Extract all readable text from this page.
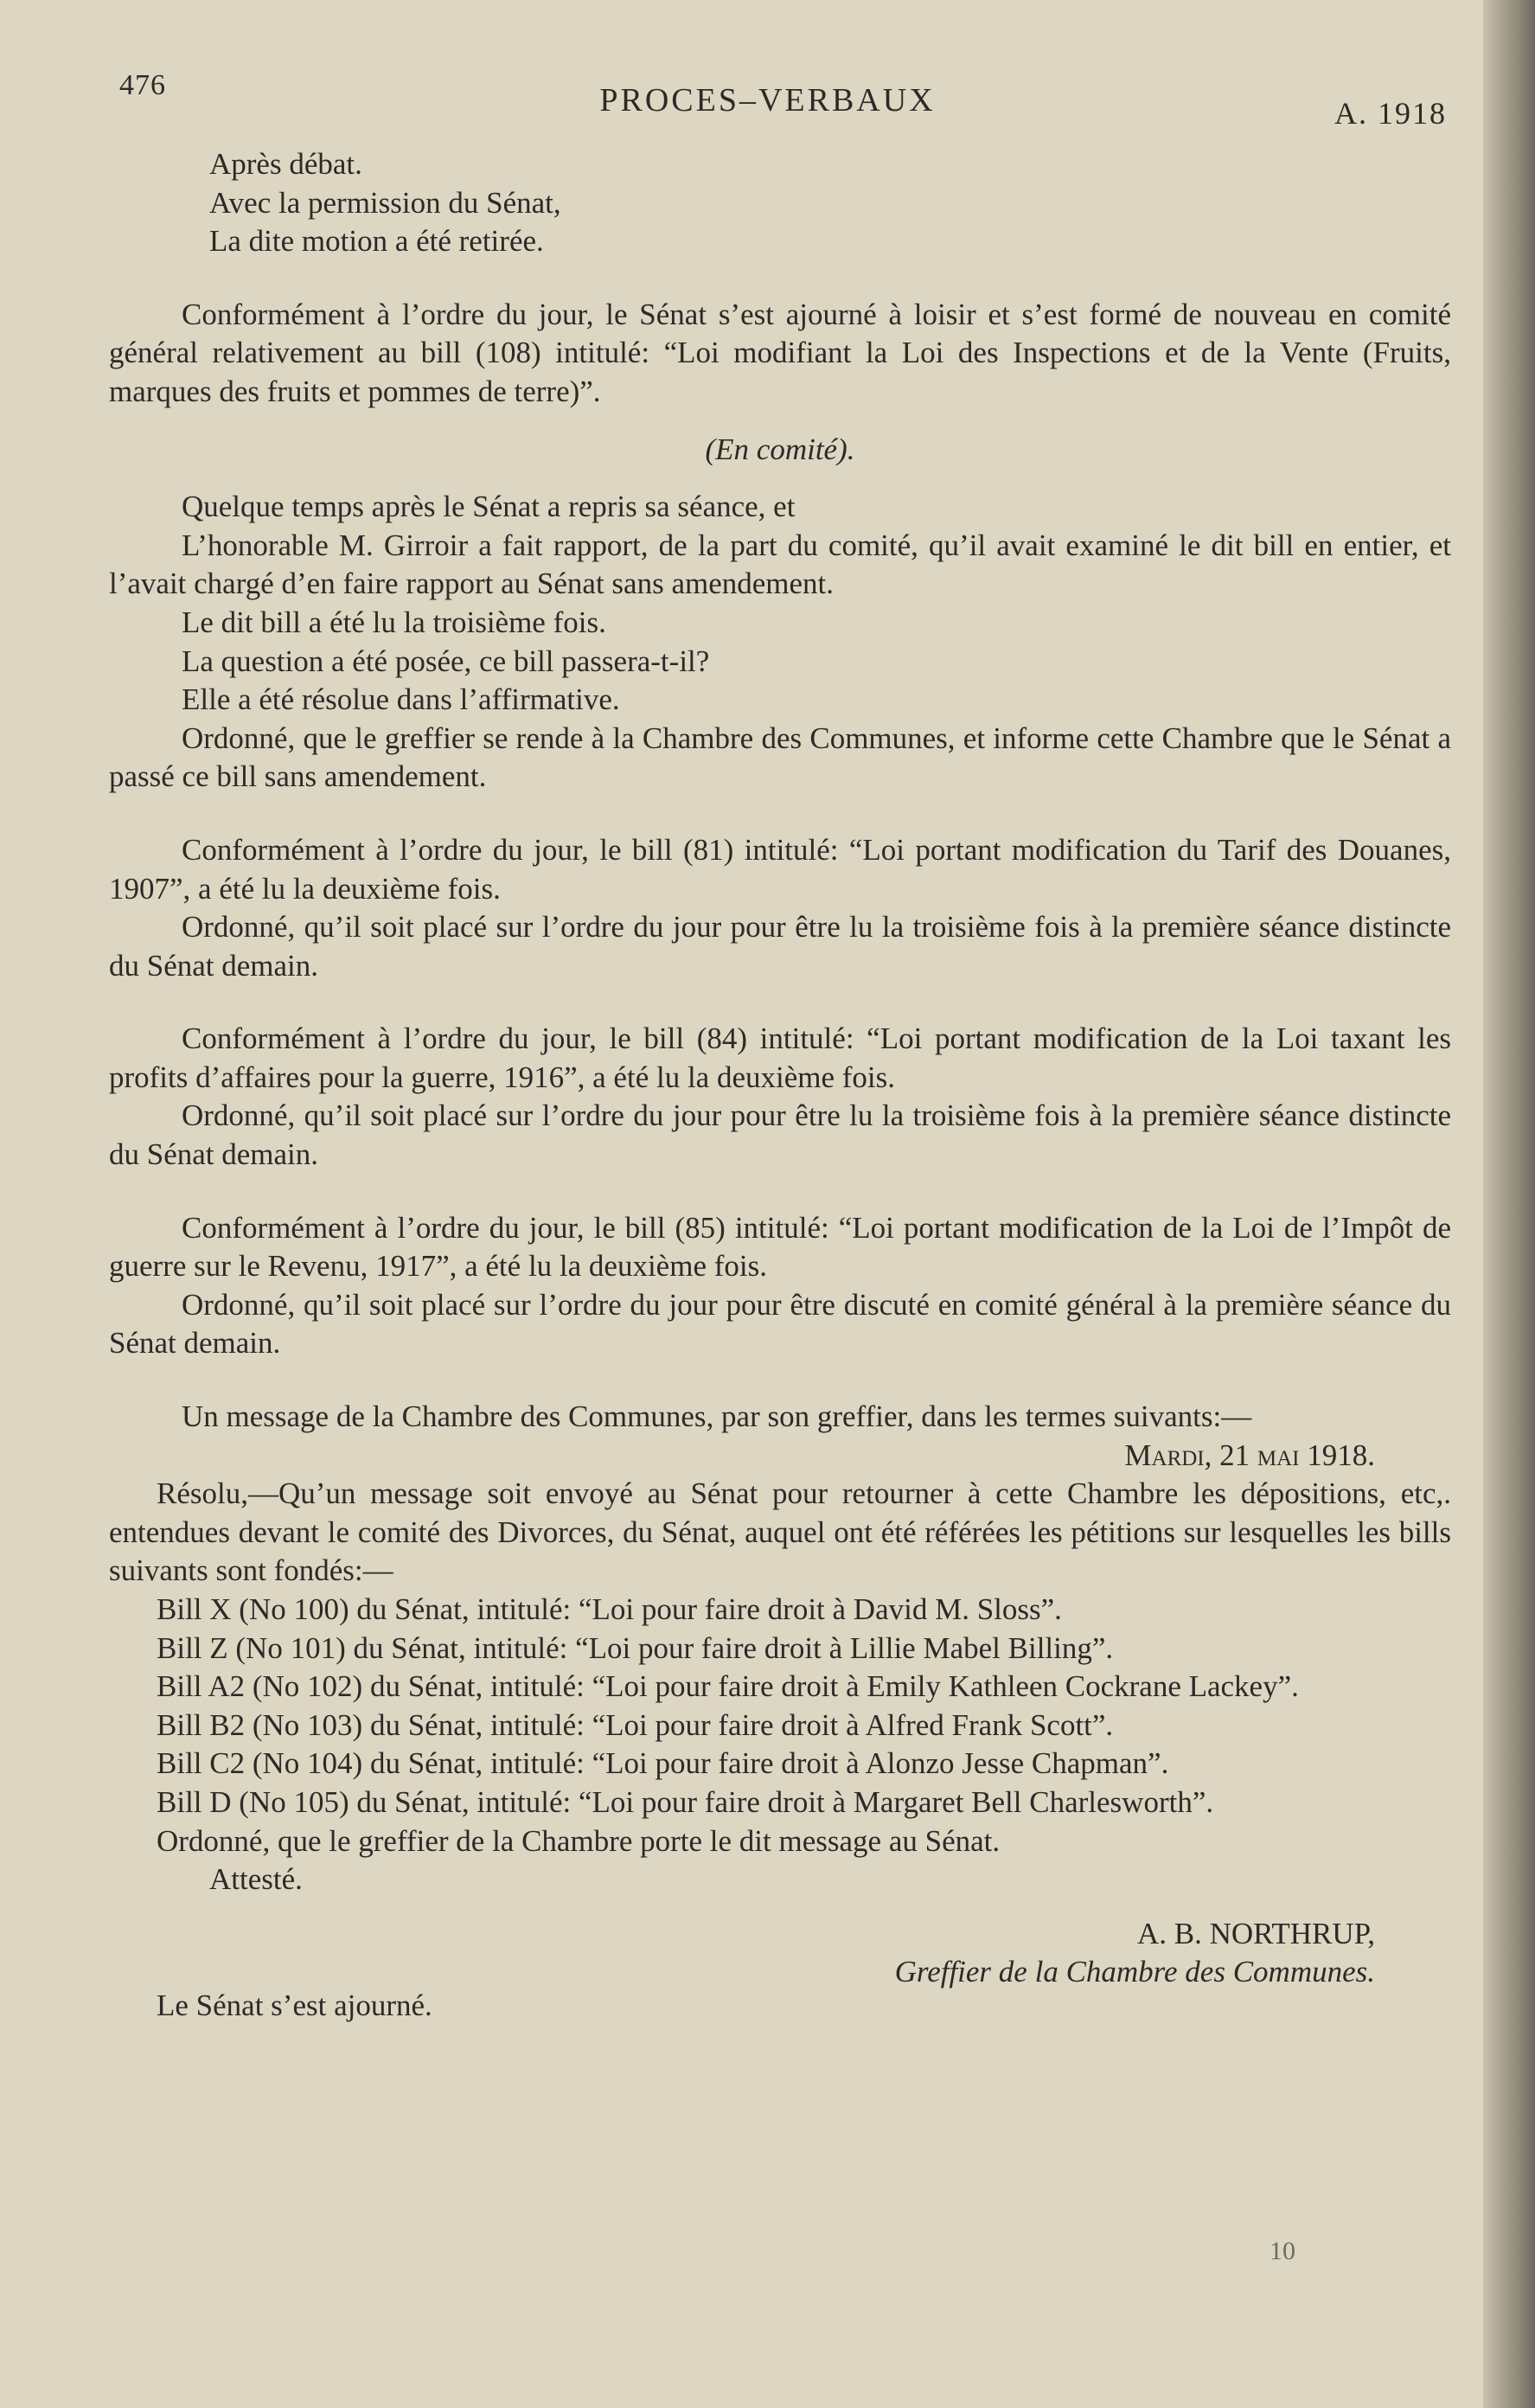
476	PROCES–VERBAUX	A. 1918

Après débat.

Avec la permission du Sénat,

La dite motion a été retirée.

Conformément à l’ordre du jour, le Sénat s’est ajourné à loisir et s’est formé de nouveau en comité général relativement au bill (108) intitulé: “Loi modifiant la Loi des Inspections et de la Vente (Fruits, marques des fruits et pommes de terre)”.

(En comité).

Quelque temps après le Sénat a repris sa séance, et

L’honorable M. Girroir a fait rapport, de la part du comité, qu’il avait examiné le dit bill en entier, et l’avait chargé d’en faire rapport au Sénat sans amendement.

Le dit bill a été lu la troisième fois.

La question a été posée, ce bill passera-t-il?

Elle a été résolue dans l’affirmative.

Ordonné, que le greffier se rende à la Chambre des Communes, et informe cette Chambre que le Sénat a passé ce bill sans amendement.

Conformément à l’ordre du jour, le bill (81) intitulé: “Loi portant modification du Tarif des Douanes, 1907”, a été lu la deuxième fois.

Ordonné, qu’il soit placé sur l’ordre du jour pour être lu la troisième fois à la première séance distincte du Sénat demain.

Conformément à l’ordre du jour, le bill (84) intitulé: “Loi portant modification de la Loi taxant les profits d’affaires pour la guerre, 1916”, a été lu la deuxième fois.

Ordonné, qu’il soit placé sur l’ordre du jour pour être lu la troisième fois à la première séance distincte du Sénat demain.

Conformément à l’ordre du jour, le bill (85) intitulé: “Loi portant modification de la Loi de l’Impôt de guerre sur le Revenu, 1917”, a été lu la deuxième fois.

Ordonné, qu’il soit placé sur l’ordre du jour pour être discuté en comité général à la première séance du Sénat demain.

Un message de la Chambre des Communes, par son greffier, dans les termes suivants:—

Mardi, 21 mai 1918.

Résolu,—Qu’un message soit envoyé au Sénat pour retourner à cette Chambre les dépositions, etc,. entendues devant le comité des Divorces, du Sénat, auquel ont été référées les pétitions sur lesquelles les bills suivants sont fondés:—

Bill X (No 100) du Sénat, intitulé: “Loi pour faire droit à David M. Sloss”.

Bill Z (No 101) du Sénat, intitulé: “Loi pour faire droit à Lillie Mabel Billing”.

Bill A2 (No 102) du Sénat, intitulé: “Loi pour faire droit à Emily Kathleen Cockrane Lackey”.

Bill B2 (No 103) du Sénat, intitulé: “Loi pour faire droit à Alfred Frank Scott”.

Bill C2 (No 104) du Sénat, intitulé: “Loi pour faire droit à Alonzo Jesse Chapman”.

Bill D (No 105) du Sénat, intitulé: “Loi pour faire droit à Margaret Bell Charlesworth”.

Ordonné, que le greffier de la Chambre porte le dit message au Sénat.

Attesté.

A. B. NORTHRUP,

Greffier de la Chambre des Communes.

Le Sénat s’est ajourné.

10
